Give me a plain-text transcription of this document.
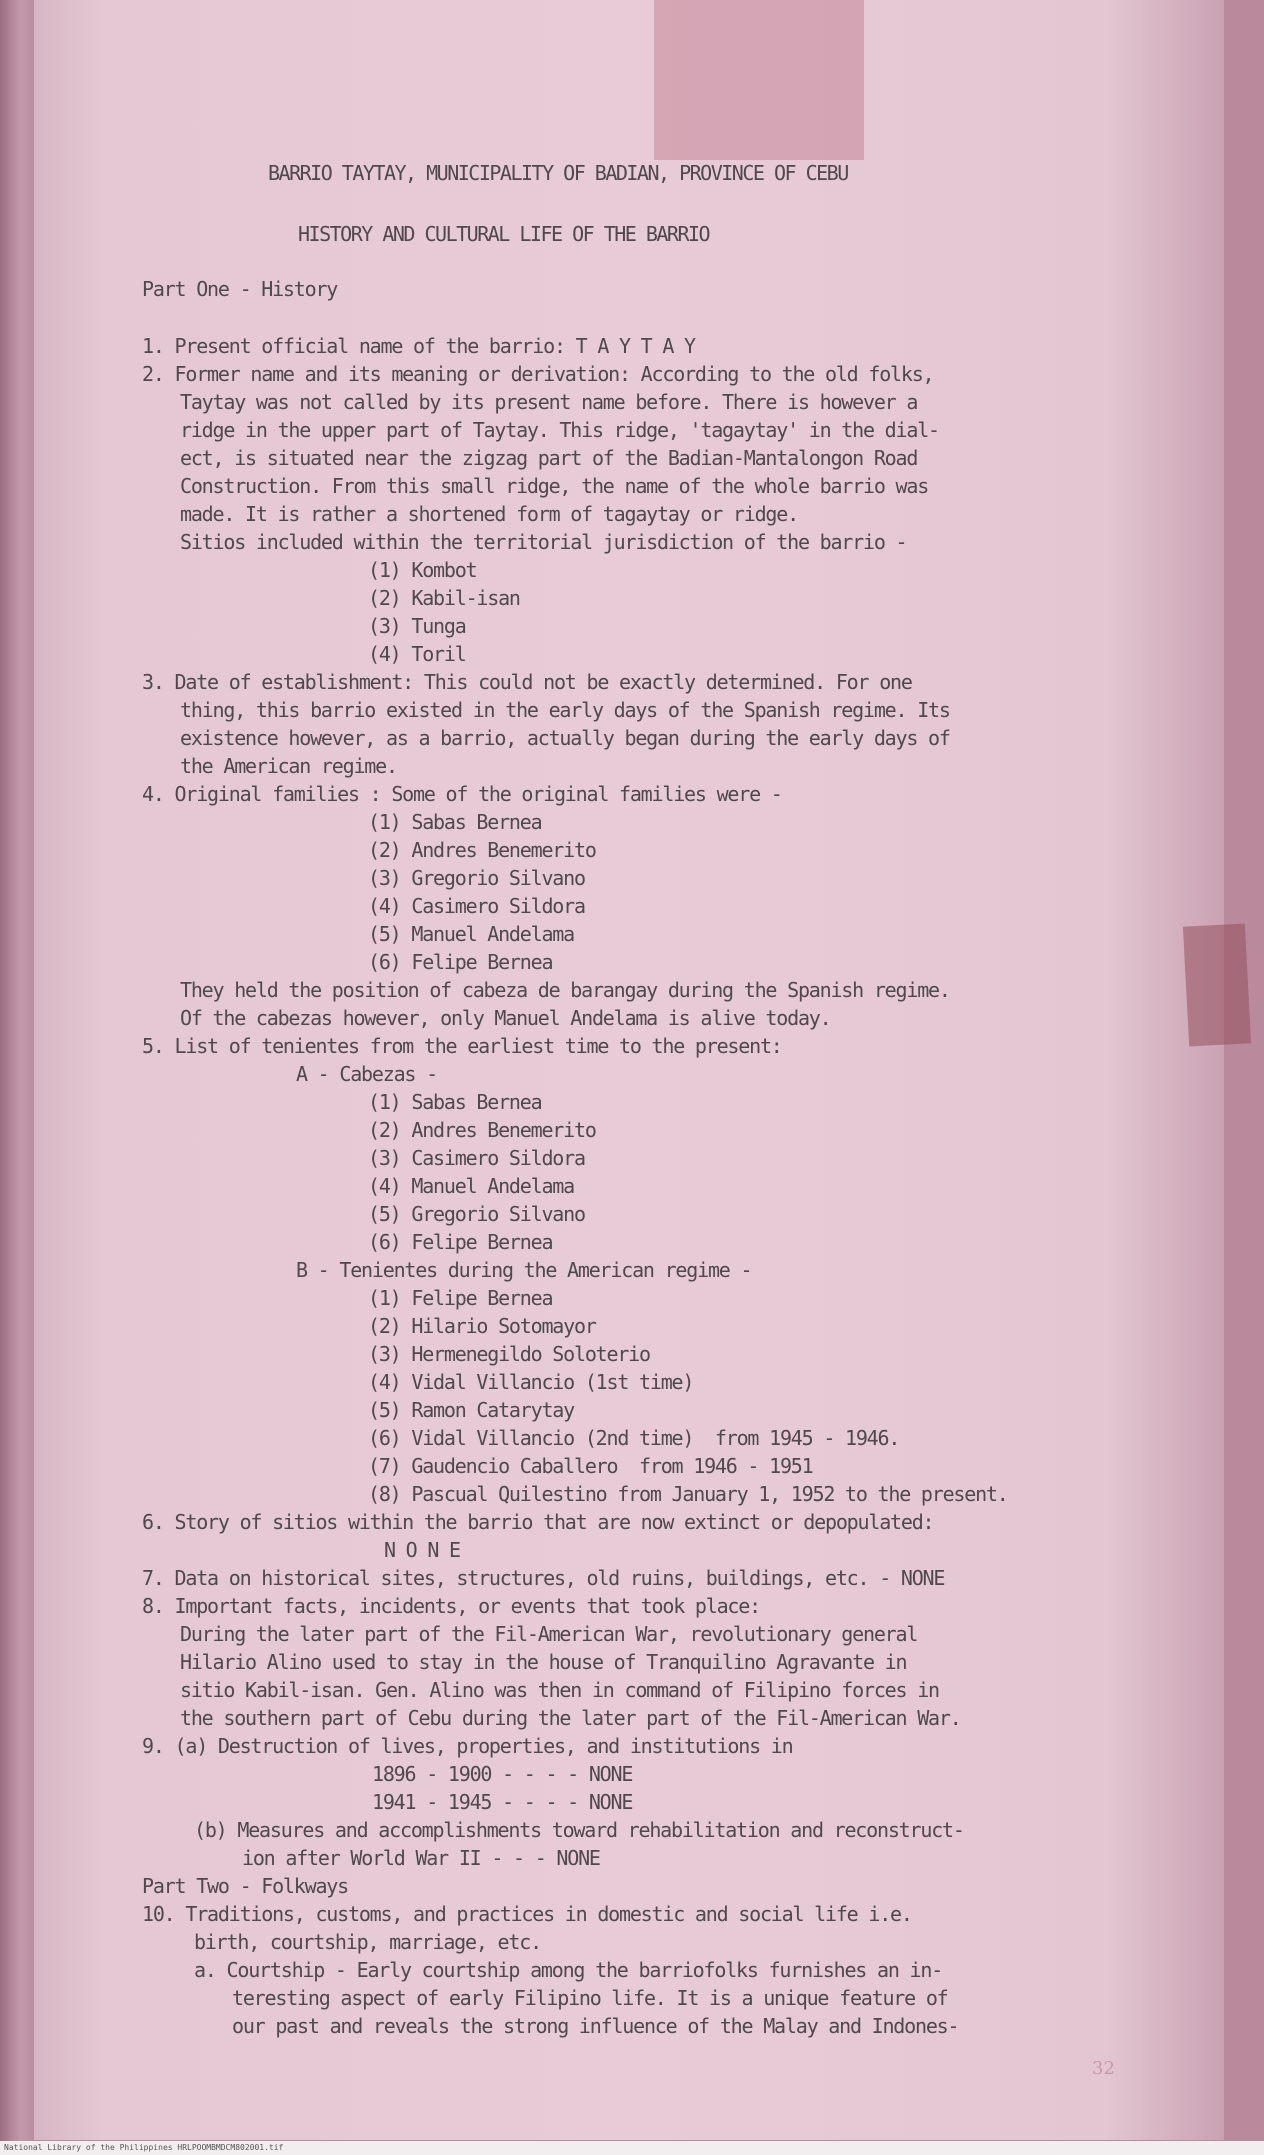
BARRIO TAYTAY, MUNICIPALITY OF BADIAN, PROVINCE OF CEBU

HISTORY AND CULTURAL LIFE OF THE BARRIO

Part One - History

1. Present official name of the barrio: T A Y T A Y

2. Former name and its meaning or derivation: According to the old folks,

Taytay was not called by its present name before. There is however a

ridge in the upper part of Taytay. This ridge, 'tagaytay' in the dial-

ect, is situated near the zigzag part of the Badian-Mantalongon Road

Construction. From this small ridge, the name of the whole barrio was

made. It is rather a shortened form of tagaytay or ridge.

Sitios included within the territorial jurisdiction of the barrio -

(1) Kombot

(2) Kabil-isan

(3) Tunga

(4) Toril

3. Date of establishment: This could not be exactly determined. For one

thing, this barrio existed in the early days of the Spanish regime. Its

existence however, as a barrio, actually began during the early days of

the American regime.

4. Original families : Some of the original families were -

(1) Sabas Bernea

(2) Andres Benemerito

(3) Gregorio Silvano

(4) Casimero Sildora

(5) Manuel Andelama

(6) Felipe Bernea

They held the position of cabeza de barangay during the Spanish regime.

Of the cabezas however, only Manuel Andelama is alive today.

5. List of tenientes from the earliest time to the present:

A - Cabezas -

(1) Sabas Bernea

(2) Andres Benemerito

(3) Casimero Sildora

(4) Manuel Andelama

(5) Gregorio Silvano

(6) Felipe Bernea

B - Tenientes during the American regime -

(1) Felipe Bernea

(2) Hilario Sotomayor

(3) Hermenegildo Soloterio

(4) Vidal Villancio (1st time)

(5) Ramon Catarytay

(6) Vidal Villancio (2nd time)  from 1945 - 1946.

(7) Gaudencio Caballero  from 1946 - 1951

(8) Pascual Quilestino from January 1, 1952 to the present.

6. Story of sitios within the barrio that are now extinct or depopulated:

N O N E

7. Data on historical sites, structures, old ruins, buildings, etc. - NONE

8. Important facts, incidents, or events that took place:

During the later part of the Fil-American War, revolutionary general

Hilario Alino used to stay in the house of Tranquilino Agravante in

sitio Kabil-isan. Gen. Alino was then in command of Filipino forces in

the southern part of Cebu during the later part of the Fil-American War.

9. (a) Destruction of lives, properties, and institutions in

1896 - 1900 - - - - NONE

1941 - 1945 - - - - NONE

(b) Measures and accomplishments toward rehabilitation and reconstruct-

ion after World War II - - - NONE

Part Two - Folkways

10. Traditions, customs, and practices in domestic and social life i.e.

birth, courtship, marriage, etc.

a. Courtship - Early courtship among the barriofolks furnishes an in-

teresting aspect of early Filipino life. It is a unique feature of

our past and reveals the strong influence of the Malay and Indones-

32
National Library of the Philippines HRLPOOMBMDCM802001.tif
